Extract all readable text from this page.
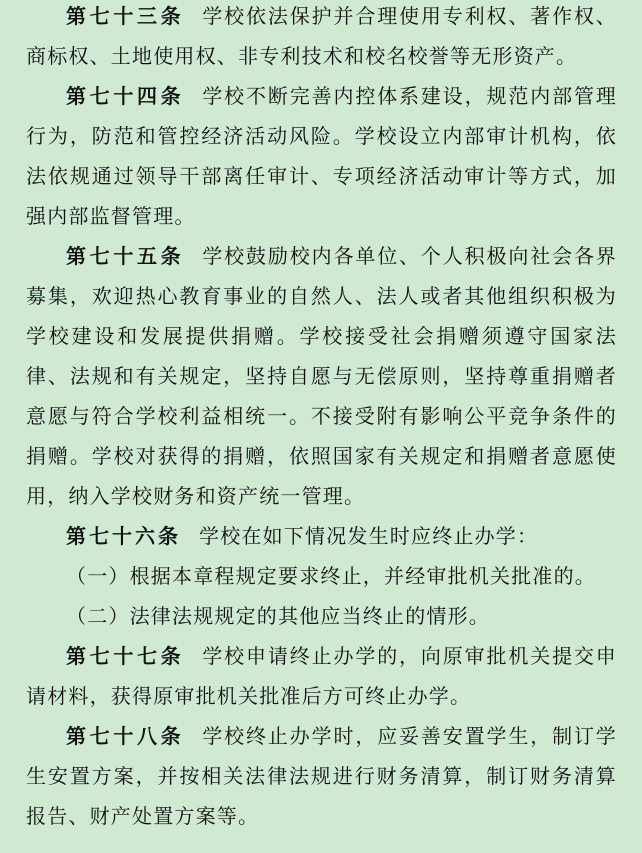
第七十三条 学校依法保护并合理使用专利权、著作权、商标权、土地使用权、非专利技术和校名校誉等无形资产。

第七十四条 学校不断完善内控体系建设，规范内部管理行为，防范和管控经济活动风险。学校设立内部审计机构，依法依规通过领导干部离任审计、专项经济活动审计等方式，加强内部监督管理。

第七十五条 学校鼓励校内各单位、个人积极向社会各界募集，欢迎热心教育事业的自然人、法人或者其他组织积极为学校建设和发展提供捐赠。学校接受社会捐赠须遵守国家法律、法规和有关规定，坚持自愿与无偿原则，坚持尊重捐赠者意愿与符合学校利益相统一。不接受附有影响公平竞争条件的捐赠。学校对获得的捐赠，依照国家有关规定和捐赠者意愿使用，纳入学校财务和资产统一管理。

第七十六条 学校在如下情况发生时应终止办学：

（一）根据本章程规定要求终止，并经审批机关批准的。

（二）法律法规规定的其他应当终止的情形。

第七十七条 学校申请终止办学的，向原审批机关提交申请材料，获得原审批机关批准后方可终止办学。

第七十八条 学校终止办学时，应妥善安置学生，制订学生安置方案，并按相关法律法规进行财务清算，制订财务清算报告、财产处置方案等。
